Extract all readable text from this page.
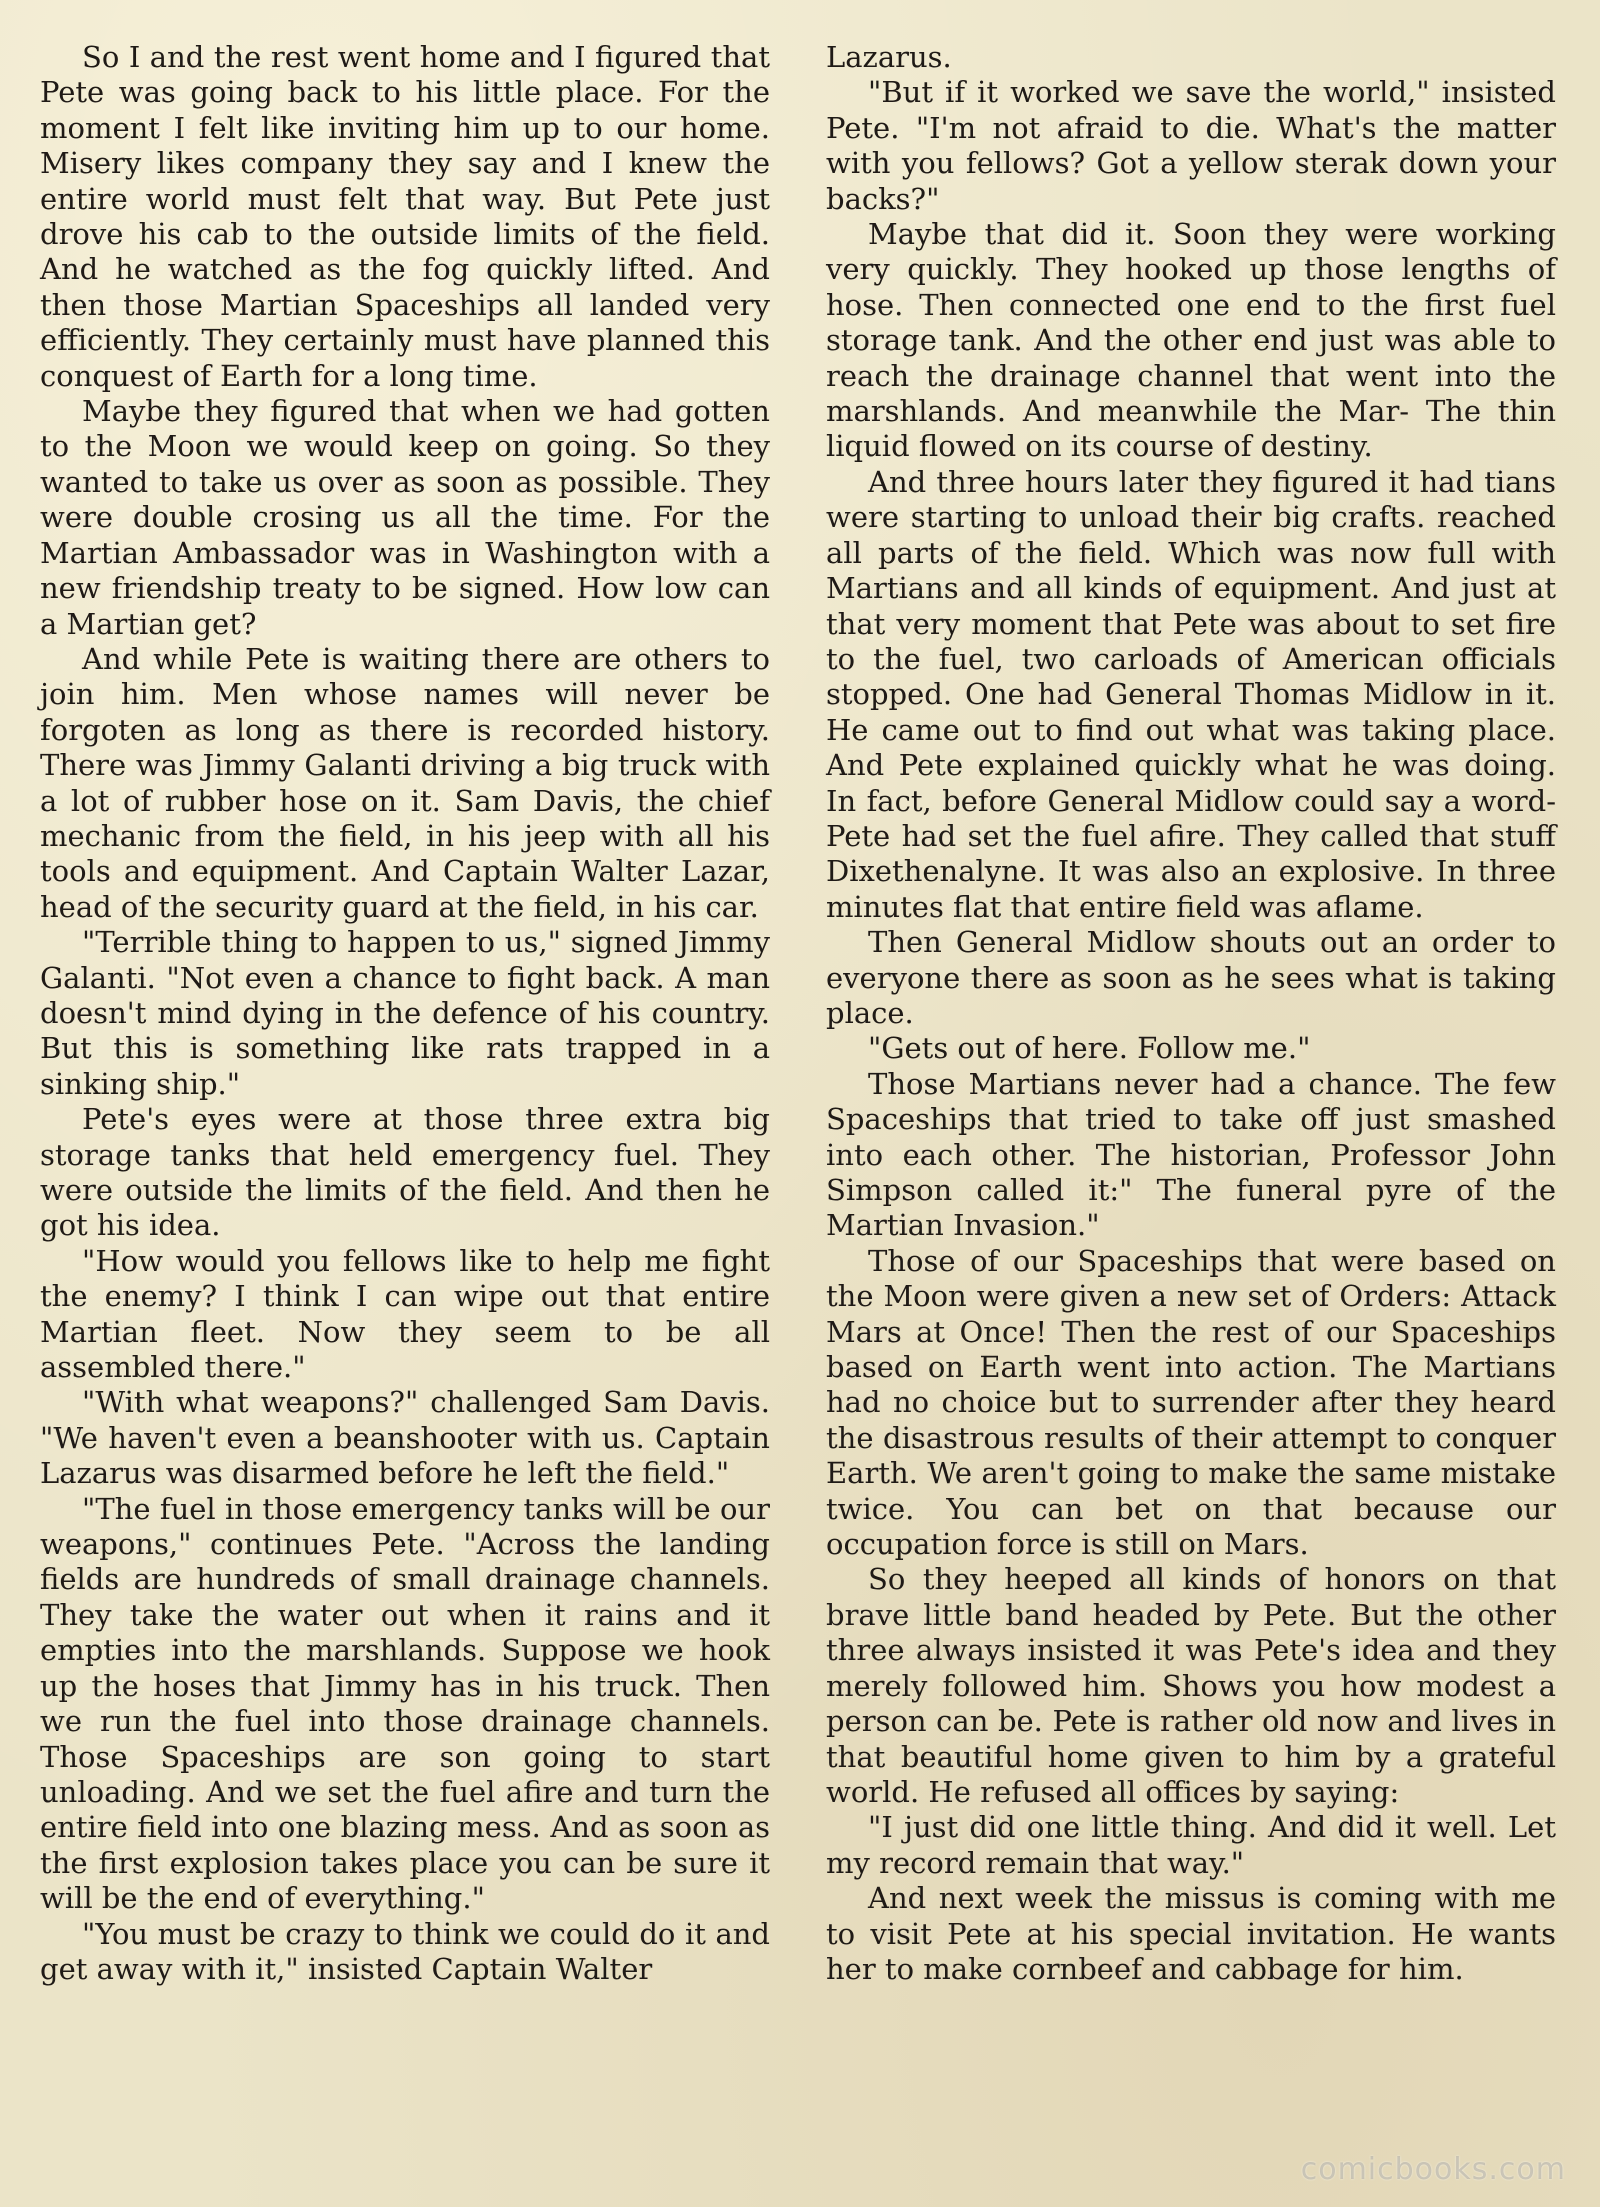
So I and the rest went home and I figured that Pete was going back to his little place. For the moment I felt like inviting him up to our home. Misery likes company they say and I knew the entire world must felt that way. But Pete just drove his cab to the outside limits of the field. And he watched as the fog quickly lifted. And then those Martian Spaceships all landed very efficiently. They certainly must have planned this conquest of Earth for a long time.

Maybe they figured that when we had gotten to the Moon we would keep on going. So they wanted to take us over as soon as possible. They were double crosing us all the time. For the Martian Ambassador was in Washington with a new friendship treaty to be signed. How low can a Martian get?

And while Pete is waiting there are others to join him. Men whose names will never be forgoten as long as there is recorded history. There was Jimmy Galanti driving a big truck with a lot of rubber hose on it. Sam Davis, the chief mechanic from the field, in his jeep with all his tools and equipment. And Captain Walter Lazar, head of the security guard at the field, in his car.

"Terrible thing to happen to us," signed Jimmy Galanti. "Not even a chance to fight back. A man doesn't mind dying in the defence of his country. But this is something like rats trapped in a sinking ship."

Pete's eyes were at those three extra big storage tanks that held emergency fuel. They were outside the limits of the field. And then he got his idea.

"How would you fellows like to help me fight the enemy? I think I can wipe out that entire Martian fleet. Now they seem to be all assembled there."

"With what weapons?" challenged Sam Davis. "We haven't even a beanshooter with us. Captain Lazarus was disarmed before he left the field."

"The fuel in those emergency tanks will be our weapons," continues Pete. "Across the landing fields are hundreds of small drainage channels. They take the water out when it rains and it empties into the marshlands. Suppose we hook up the hoses that Jimmy has in his truck. Then we run the fuel into those drainage channels. Those Spaceships are son going to start unloading. And we set the fuel afire and turn the entire field into one blazing mess. And as soon as the first explosion takes place you can be sure it will be the end of everything."

"You must be crazy to think we could do it and get away with it," insisted Captain Walter

Lazarus.

"But if it worked we save the world," insisted Pete. "I'm not afraid to die. What's the matter with you fellows? Got a yellow sterak down your backs?"

Maybe that did it. Soon they were working very quickly. They hooked up those lengths of hose. Then connected one end to the first fuel storage tank. And the other end just was able to reach the drainage channel that went into the marshlands. And meanwhile the Mar- The thin liquid flowed on its course of destiny.

And three hours later they figured it had tians were starting to unload their big crafts. reached all parts of the field. Which was now full with Martians and all kinds of equipment. And just at that very moment that Pete was about to set fire to the fuel, two carloads of American officials stopped. One had General Thomas Midlow in it. He came out to find out what was taking place. And Pete explained quickly what he was doing. In fact, before General Midlow could say a word-Pete had set the fuel afire. They called that stuff Dixethenalyne. It was also an explosive. In three minutes flat that entire field was aflame.

Then General Midlow shouts out an order to everyone there as soon as he sees what is taking place.

"Gets out of here. Follow me."

Those Martians never had a chance. The few Spaceships that tried to take off just smashed into each other. The historian, Professor John Simpson called it:" The funeral pyre of the Martian Invasion."

Those of our Spaceships that were based on the Moon were given a new set of Orders: Attack Mars at Once! Then the rest of our Spaceships based on Earth went into action. The Martians had no choice but to surrender after they heard the disastrous results of their attempt to conquer Earth. We aren't going to make the same mistake twice. You can bet on that because our occupation force is still on Mars.

So they heeped all kinds of honors on that brave little band headed by Pete. But the other three always insisted it was Pete's idea and they merely followed him. Shows you how modest a person can be. Pete is rather old now and lives in that beautiful home given to him by a grateful world. He refused all offices by saying:

"I just did one little thing. And did it well. Let my record remain that way."

And next week the missus is coming with me to visit Pete at his special invitation. He wants her to make cornbeef and cabbage for him.

comicbooks.com
